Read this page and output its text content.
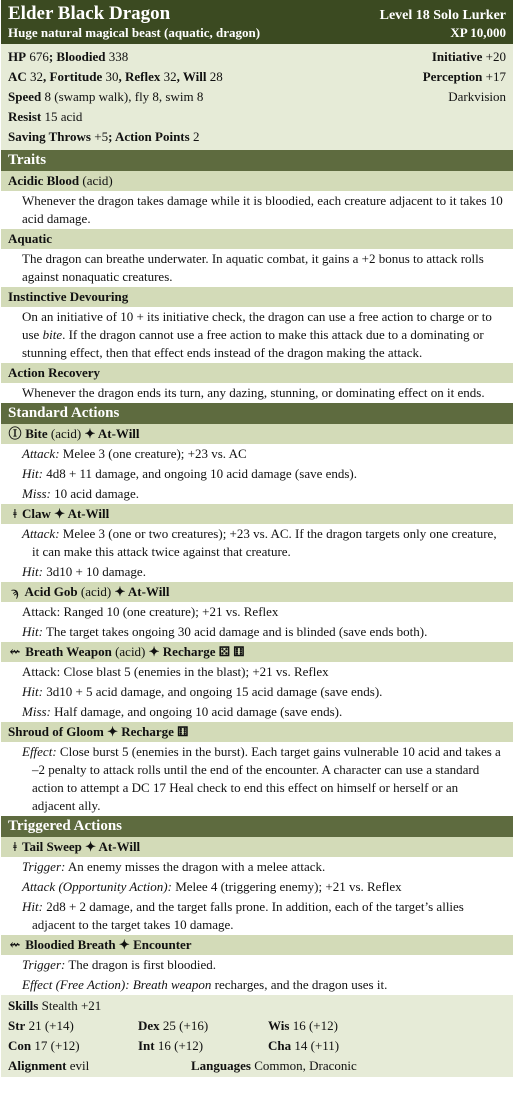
Elder Black Dragon	Level 18 Solo Lurker
Huge natural magical beast (aquatic, dragon)	XP 10,000
HP 676; Bloodied 338	Initiative +20
AC 32, Fortitude 30, Reflex 32, Will 28	Perception +17
Speed 8 (swamp walk), fly 8, swim 8	Darkvision
Resist 15 acid
Saving Throws +5; Action Points 2
Traits
Acidic Blood (acid)
Whenever the dragon takes damage while it is bloodied, each creature adjacent to it takes 10 acid damage.
Aquatic
The dragon can breathe underwater. In aquatic combat, it gains a +2 bonus to attack rolls against nonaquatic creatures.
Instinctive Devouring
On an initiative of 10 + its initiative check, the dragon can use a free action to charge or to use bite. If the dragon cannot use a free action to make this attack due to a dominating or stunning effect, then that effect ends instead of the dragon making the attack.
Action Recovery
Whenever the dragon ends its turn, any dazing, stunning, or dominating effect on it ends.
Standard Actions
Ⓘ Bite (acid) ✦ At-Will
Attack: Melee 3 (one creature); +23 vs. AC
Hit: 4d8 + 11 damage, and ongoing 10 acid damage (save ends).
Miss: 10 acid damage.
ǂ Claw ✦ At-Will
Attack: Melee 3 (one or two creatures); +23 vs. AC. If the dragon targets only one creature, it can make this attack twice against that creature.
Hit: 3d10 + 10 damage.
ϡ Acid Gob (acid) ✦ At-Will
Attack: Ranged 10 (one creature); +21 vs. Reflex
Hit: The target takes ongoing 30 acid damage and is blinded (save ends both).
⇜ Breath Weapon (acid) ✦ Recharge ⚄ ⚅
Attack: Close blast 5 (enemies in the blast); +21 vs. Reflex
Hit: 3d10 + 5 acid damage, and ongoing 15 acid damage (save ends).
Miss: Half damage, and ongoing 10 acid damage (save ends).
Shroud of Gloom ✦ Recharge ⚅
Effect: Close burst 5 (enemies in the burst). Each target gains vulnerable 10 acid and takes a –2 penalty to attack rolls until the end of the encounter. A character can use a standard action to attempt a DC 17 Heal check to end this effect on himself or herself or an adjacent ally.
Triggered Actions
ǂ Tail Sweep ✦ At-Will
Trigger: An enemy misses the dragon with a melee attack.
Attack (Opportunity Action): Melee 4 (triggering enemy); +21 vs. Reflex
Hit: 2d8 + 2 damage, and the target falls prone. In addition, each of the target’s allies adjacent to the target takes 10 damage.
⇜ Bloodied Breath ✦ Encounter
Trigger: The dragon is first bloodied.
Effect (Free Action): Breath weapon recharges, and the dragon uses it.
Skills Stealth +21
Str 21 (+14)	Dex 25 (+16)	Wis 16 (+12)
Con 17 (+12)	Int 16 (+12)	Cha 14 (+11)
Alignment evil	Languages Common, Draconic
